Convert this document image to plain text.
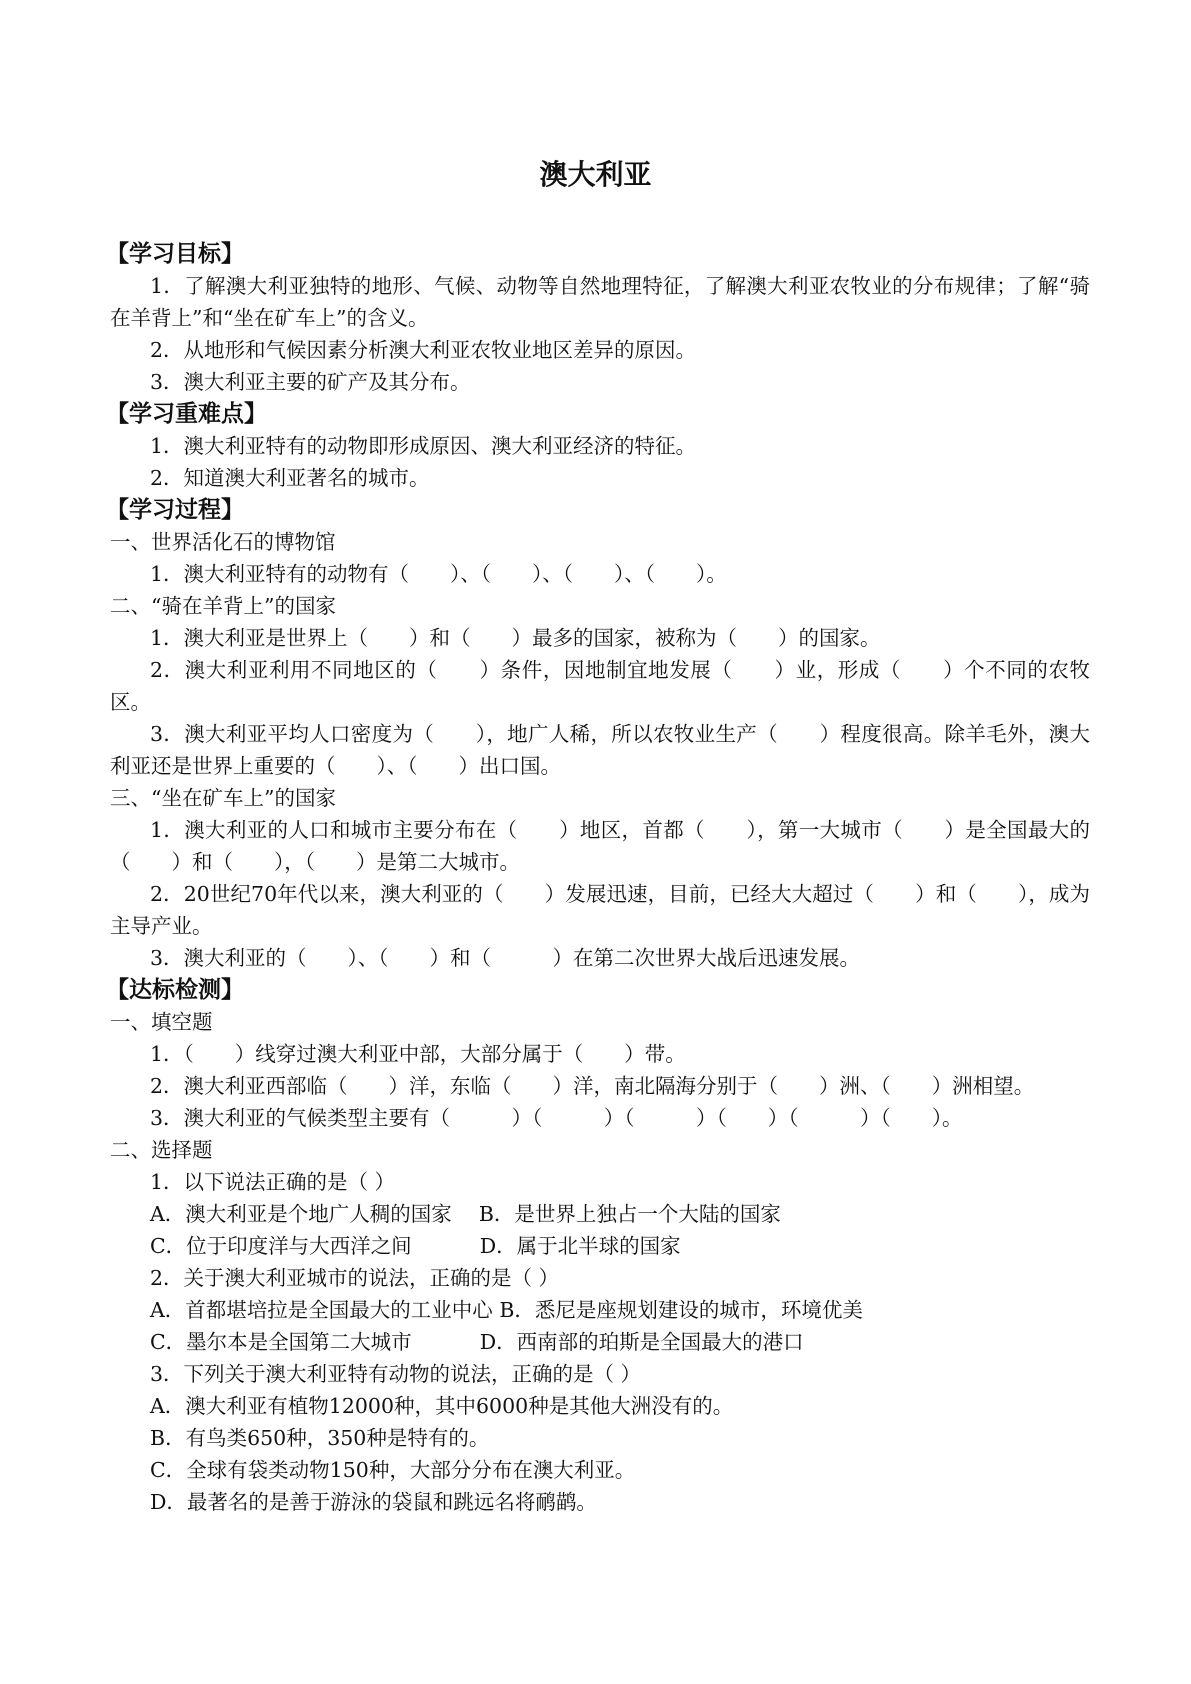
澳大利亚
【学习目标】
1．了解澳大利亚独特的地形、气候、动物等自然地理特征，了解澳大利亚农牧业的分布规律；了解“骑在羊背上”和“坐在矿车上”的含义。
2．从地形和气候因素分析澳大利亚农牧业地区差异的原因。
3．澳大利亚主要的矿产及其分布。
【学习重难点】
1．澳大利亚特有的动物即形成原因、澳大利亚经济的特征。
2．知道澳大利亚著名的城市。
【学习过程】
一、世界活化石的博物馆
1．澳大利亚特有的动物有（　　）、（　　）、（　　）、（　　）。
二、“骑在羊背上”的国家
1．澳大利亚是世界上（　　）和（　　）最多的国家，被称为（　　）的国家。
2．澳大利亚利用不同地区的（　　）条件，因地制宜地发展（　　）业，形成（　　）个不同的农牧区。
3．澳大利亚平均人口密度为（　　），地广人稀，所以农牧业生产（　　）程度很高。除羊毛外，澳大利亚还是世界上重要的（　　）、（　　）出口国。
三、“坐在矿车上”的国家
1．澳大利亚的人口和城市主要分布在（　　）地区，首都（　　），第一大城市（　　）是全国最大的（　　）和（　　），（　　）是第二大城市。
2．20世纪70年代以来，澳大利亚的（　　）发展迅速，目前，已经大大超过（　　）和（　　），成为主导产业。
3．澳大利亚的（　　）、（　　）和（　　　）在第二次世界大战后迅速发展。
【达标检测】
一、填空题
1．（　　）线穿过澳大利亚中部，大部分属于（　　）带。
2．澳大利亚西部临（　　）洋，东临（　　）洋，南北隔海分别于（　　）洲、（　　）洲相望。
3．澳大利亚的气候类型主要有（　　　）（　　　）（　　　）（　　）（　　　）（　　）。
二、选择题
1．以下说法正确的是（ ）
A．澳大利亚是个地广人稠的国家　 B．是世界上独占一个大陆的国家
C．位于印度洋与大西洋之间　　　 D．属于北半球的国家
2．关于澳大利亚城市的说法，正确的是（ ）
A．首都堪培拉是全国最大的工业中心 B．悉尼是座规划建设的城市，环境优美
C．墨尔本是全国第二大城市　　　 D．西南部的珀斯是全国最大的港口
3．下列关于澳大利亚特有动物的说法，正确的是（ ）
A．澳大利亚有植物12000种，其中6000种是其他大洲没有的。
B．有鸟类650种，350种是特有的。
C．全球有袋类动物150种，大部分分布在澳大利亚。
D．最著名的是善于游泳的袋鼠和跳远名将鸸鹋。
